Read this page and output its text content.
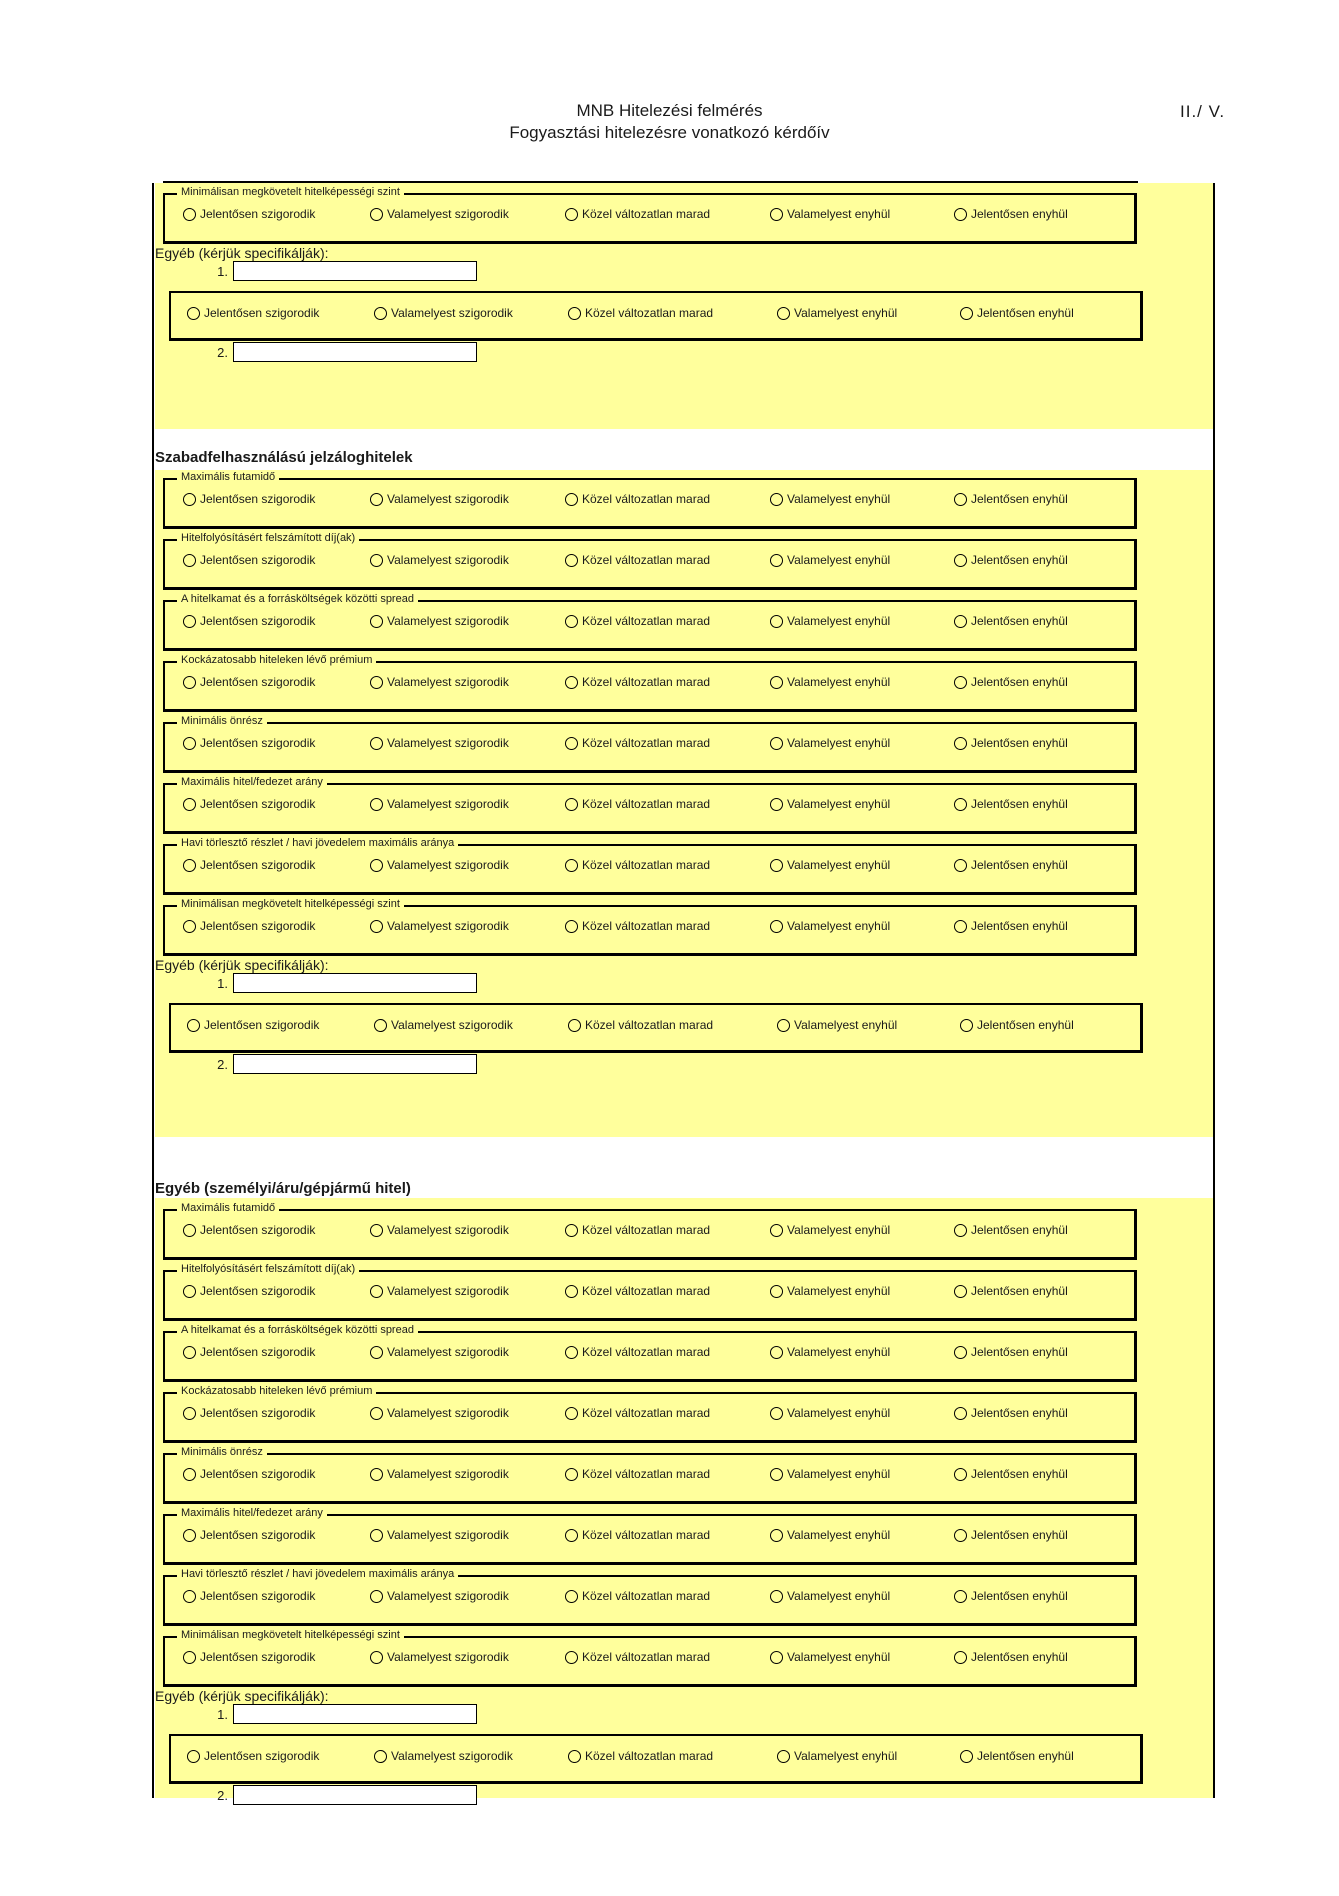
MNB Hitelezési felmérés
Fogyasztási hitelezésre vonatkozó kérdőív
II./ V.
Minimálisan megkövetelt hitelképességi szint
Jelentősen szigorodik	Valamelyest szigorodik	Közel változatlan marad	Valamelyest enyhül	Jelentősen enyhül
Egyéb (kérjük specifikálják):
1.
Jelentősen szigorodik	Valamelyest szigorodik	Közel változatlan marad	Valamelyest enyhül	Jelentősen enyhül
2.
Szabadfelhasználású jelzáloghitelek
Maximális futamidő
Jelentősen szigorodik	Valamelyest szigorodik	Közel változatlan marad	Valamelyest enyhül	Jelentősen enyhül
Hitelfolyósításért felszámított díj(ak)
Jelentősen szigorodik	Valamelyest szigorodik	Közel változatlan marad	Valamelyest enyhül	Jelentősen enyhül
A hitelkamat és a forrásköltségek közötti spread
Jelentősen szigorodik	Valamelyest szigorodik	Közel változatlan marad	Valamelyest enyhül	Jelentősen enyhül
Kockázatosabb hiteleken lévő prémium
Jelentősen szigorodik	Valamelyest szigorodik	Közel változatlan marad	Valamelyest enyhül	Jelentősen enyhül
Minimális önrész
Jelentősen szigorodik	Valamelyest szigorodik	Közel változatlan marad	Valamelyest enyhül	Jelentősen enyhül
Maximális hitel/fedezet arány
Jelentősen szigorodik	Valamelyest szigorodik	Közel változatlan marad	Valamelyest enyhül	Jelentősen enyhül
Havi törlesztő részlet / havi jövedelem maximális aránya
Jelentősen szigorodik	Valamelyest szigorodik	Közel változatlan marad	Valamelyest enyhül	Jelentősen enyhül
Minimálisan megkövetelt hitelképességi szint
Jelentősen szigorodik	Valamelyest szigorodik	Közel változatlan marad	Valamelyest enyhül	Jelentősen enyhül
Egyéb (kérjük specifikálják):
1.
Jelentősen szigorodik	Valamelyest szigorodik	Közel változatlan marad	Valamelyest enyhül	Jelentősen enyhül
2.
Egyéb (személyi/áru/gépjármű hitel)
Maximális futamidő
Jelentősen szigorodik	Valamelyest szigorodik	Közel változatlan marad	Valamelyest enyhül	Jelentősen enyhül
Hitelfolyósításért felszámított díj(ak)
Jelentősen szigorodik	Valamelyest szigorodik	Közel változatlan marad	Valamelyest enyhül	Jelentősen enyhül
A hitelkamat és a forrásköltségek közötti spread
Jelentősen szigorodik	Valamelyest szigorodik	Közel változatlan marad	Valamelyest enyhül	Jelentősen enyhül
Kockázatosabb hiteleken lévő prémium
Jelentősen szigorodik	Valamelyest szigorodik	Közel változatlan marad	Valamelyest enyhül	Jelentősen enyhül
Minimális önrész
Jelentősen szigorodik	Valamelyest szigorodik	Közel változatlan marad	Valamelyest enyhül	Jelentősen enyhül
Maximális hitel/fedezet arány
Jelentősen szigorodik	Valamelyest szigorodik	Közel változatlan marad	Valamelyest enyhül	Jelentősen enyhül
Havi törlesztő részlet / havi jövedelem maximális aránya
Jelentősen szigorodik	Valamelyest szigorodik	Közel változatlan marad	Valamelyest enyhül	Jelentősen enyhül
Minimálisan megkövetelt hitelképességi szint
Jelentősen szigorodik	Valamelyest szigorodik	Közel változatlan marad	Valamelyest enyhül	Jelentősen enyhül
Egyéb (kérjük specifikálják):
1.
Jelentősen szigorodik	Valamelyest szigorodik	Közel változatlan marad	Valamelyest enyhül	Jelentősen enyhül
2.
